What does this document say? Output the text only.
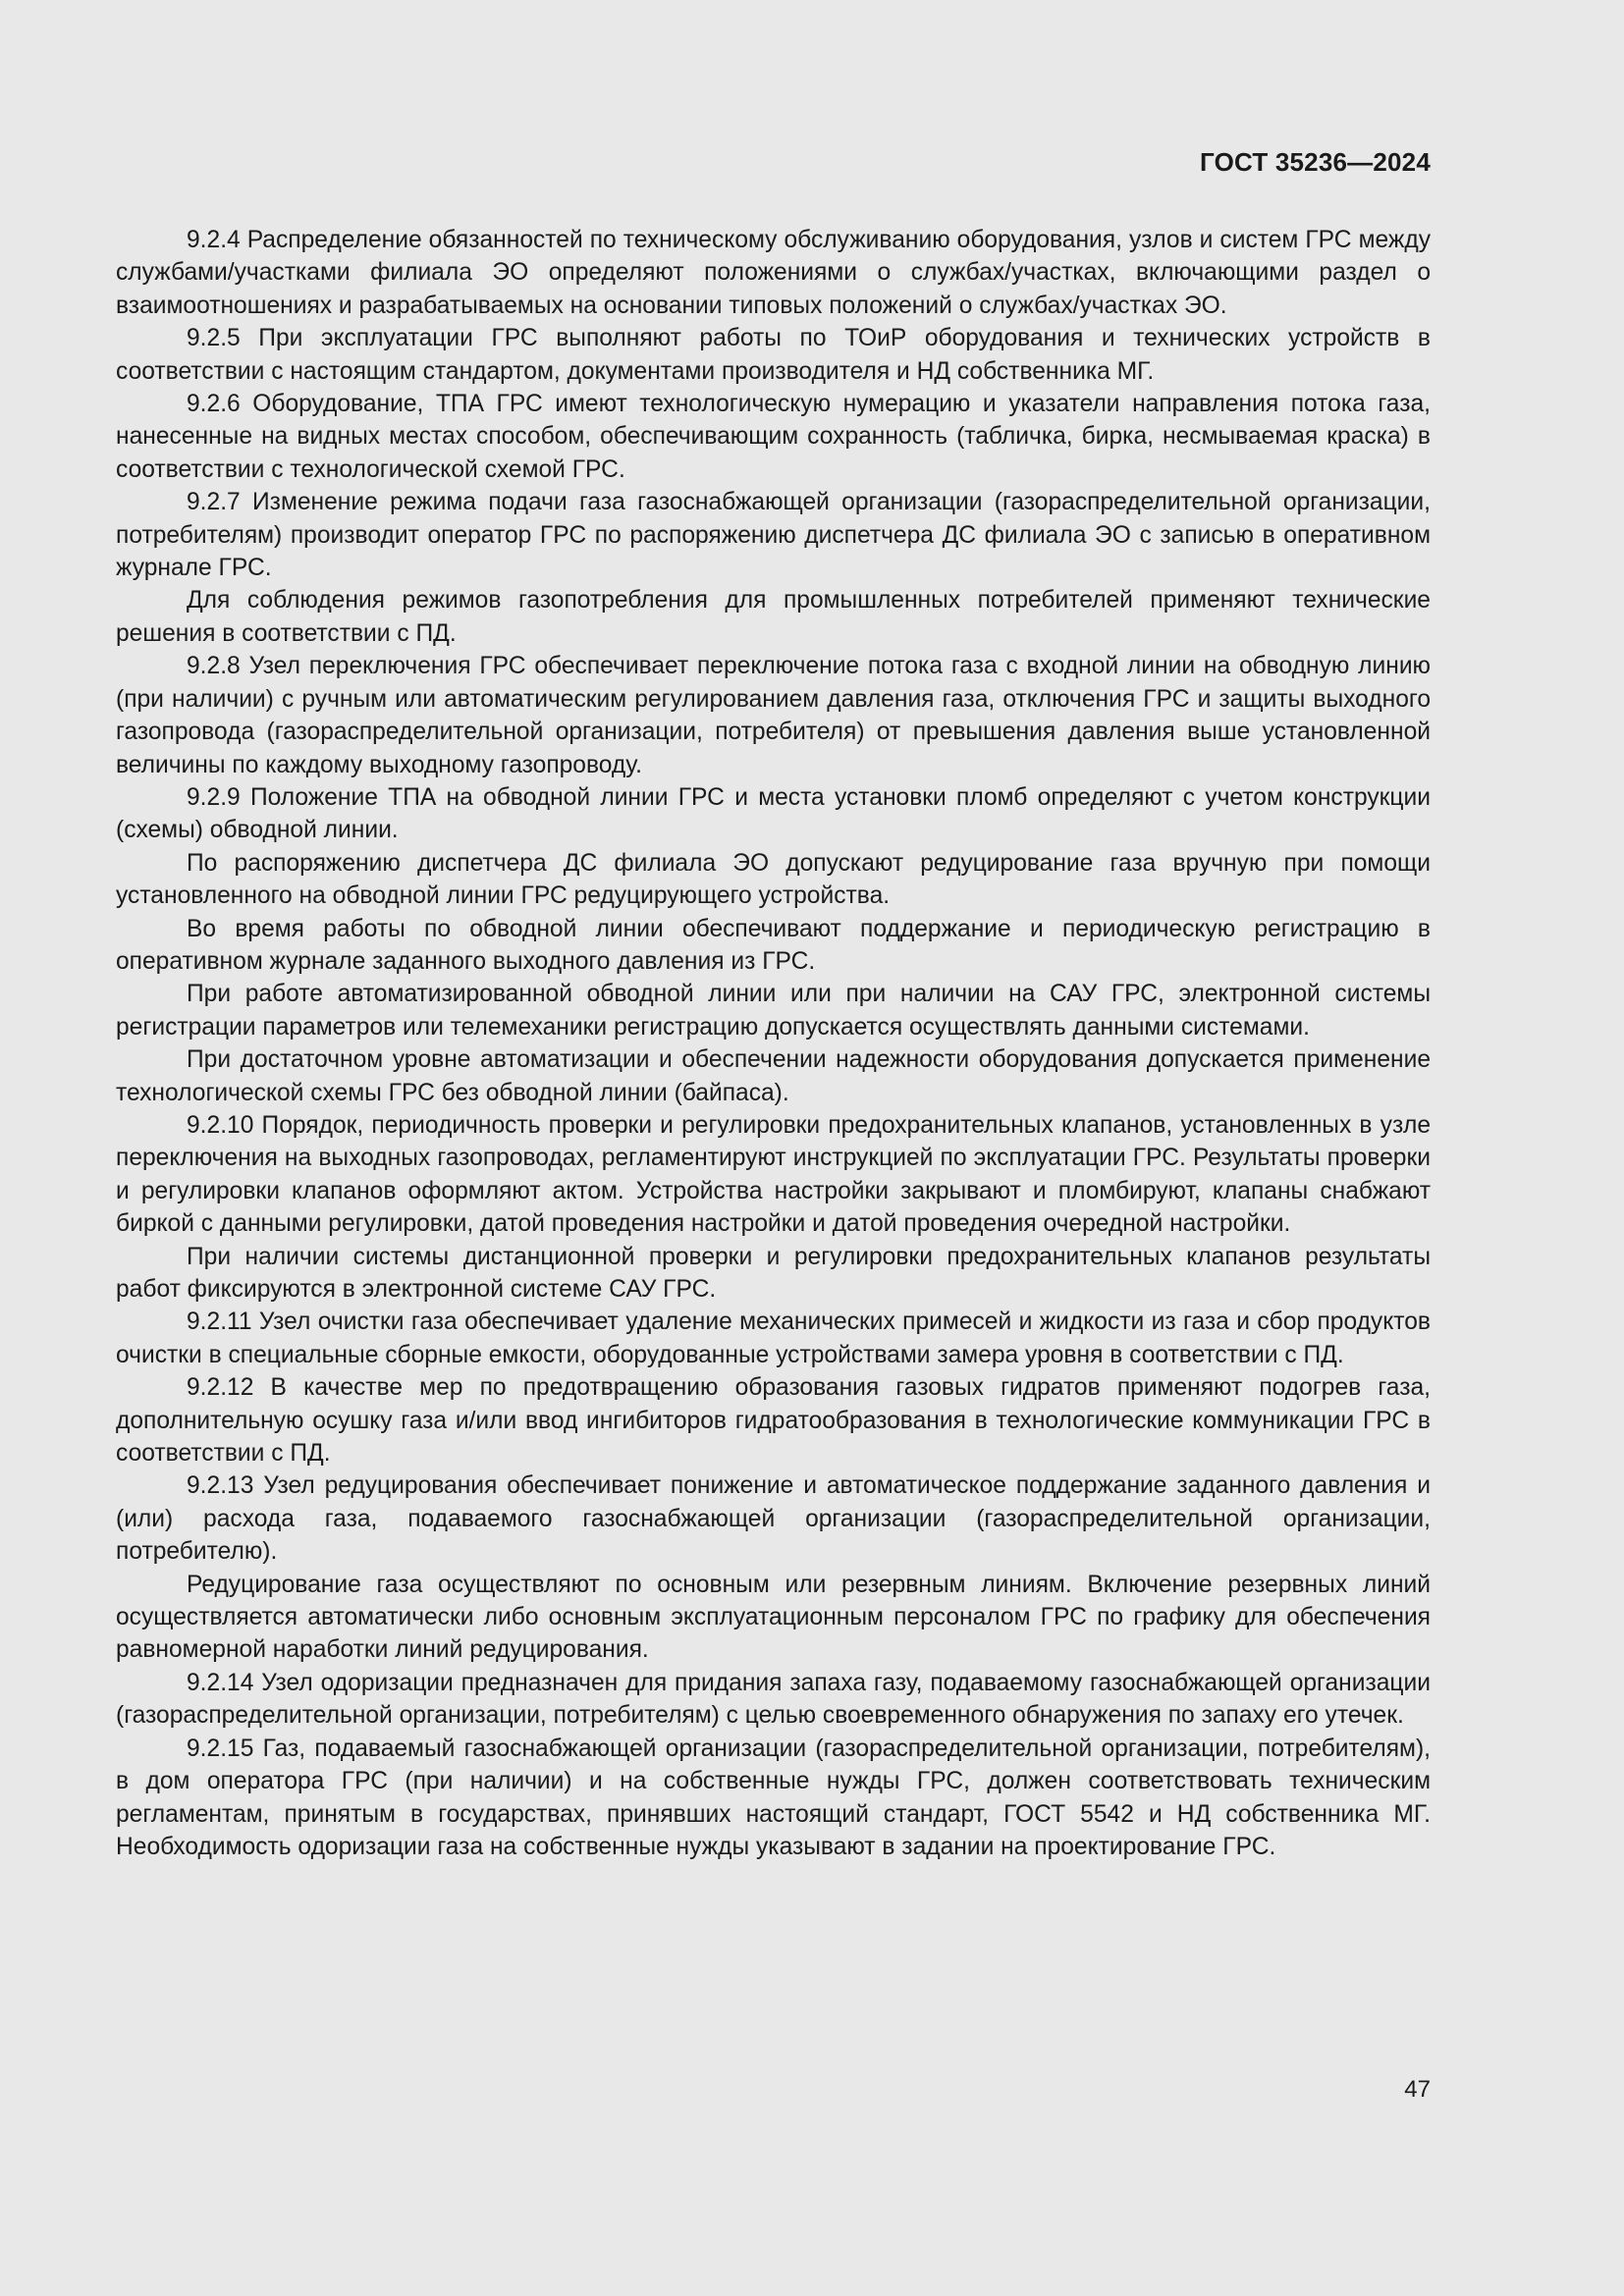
ГОСТ 35236—2024

9.2.4 Распределение обязанностей по техническому обслуживанию оборудования, узлов и систем ГРС между службами/участками филиала ЭО определяют положениями о службах/участках, включающими раздел о взаимоотношениях и разрабатываемых на основании типовых положений о службах/участках ЭО.

9.2.5 При эксплуатации ГРС выполняют работы по ТОиР оборудования и технических устройств в соответствии с настоящим стандартом, документами производителя и НД собственника МГ.

9.2.6 Оборудование, ТПА ГРС имеют технологическую нумерацию и указатели направления потока газа, нанесенные на видных местах способом, обеспечивающим сохранность (табличка, бирка, несмываемая краска) в соответствии с технологической схемой ГРС.

9.2.7 Изменение режима подачи газа газоснабжающей организации (газораспределительной организации, потребителям) производит оператор ГРС по распоряжению диспетчера ДС филиала ЭО с записью в оперативном журнале ГРС.

Для соблюдения режимов газопотребления для промышленных потребителей применяют технические решения в соответствии с ПД.

9.2.8 Узел переключения ГРС обеспечивает переключение потока газа с входной линии на обводную линию (при наличии) с ручным или автоматическим регулированием давления газа, отключения ГРС и защиты выходного газопровода (газораспределительной организации, потребителя) от превышения давления выше установленной величины по каждому выходному газопроводу.

9.2.9 Положение ТПА на обводной линии ГРС и места установки пломб определяют с учетом конструкции (схемы) обводной линии.

По распоряжению диспетчера ДС филиала ЭО допускают редуцирование газа вручную при помощи установленного на обводной линии ГРС редуцирующего устройства.

Во время работы по обводной линии обеспечивают поддержание и периодическую регистрацию в оперативном журнале заданного выходного давления из ГРС.

При работе автоматизированной обводной линии или при наличии на САУ ГРС, электронной системы регистрации параметров или телемеханики регистрацию допускается осуществлять данными системами.

При достаточном уровне автоматизации и обеспечении надежности оборудования допускается применение технологической схемы ГРС без обводной линии (байпаса).

9.2.10 Порядок, периодичность проверки и регулировки предохранительных клапанов, установленных в узле переключения на выходных газопроводах, регламентируют инструкцией по эксплуатации ГРС. Результаты проверки и регулировки клапанов оформляют актом. Устройства настройки закрывают и пломбируют, клапаны снабжают биркой с данными регулировки, датой проведения настройки и датой проведения очередной настройки.

При наличии системы дистанционной проверки и регулировки предохранительных клапанов результаты работ фиксируются в электронной системе САУ ГРС.

9.2.11 Узел очистки газа обеспечивает удаление механических примесей и жидкости из газа и сбор продуктов очистки в специальные сборные емкости, оборудованные устройствами замера уровня в соответствии с ПД.

9.2.12 В качестве мер по предотвращению образования газовых гидратов применяют подогрев газа, дополнительную осушку газа и/или ввод ингибиторов гидратообразования в технологические коммуникации ГРС в соответствии с ПД.

9.2.13 Узел редуцирования обеспечивает понижение и автоматическое поддержание заданного давления и (или) расхода газа, подаваемого газоснабжающей организации (газораспределительной организации, потребителю).

Редуцирование газа осуществляют по основным или резервным линиям. Включение резервных линий осуществляется автоматически либо основным эксплуатационным персоналом ГРС по графику для обеспечения равномерной наработки линий редуцирования.

9.2.14 Узел одоризации предназначен для придания запаха газу, подаваемому газоснабжающей организации (газораспределительной организации, потребителям) с целью своевременного обнаружения по запаху его утечек.

9.2.15 Газ, подаваемый газоснабжающей организации (газораспределительной организации, потребителям), в дом оператора ГРС (при наличии) и на собственные нужды ГРС, должен соответствовать техническим регламентам, принятым в государствах, принявших настоящий стандарт, ГОСТ 5542 и НД собственника МГ. Необходимость одоризации газа на собственные нужды указывают в задании на проектирование ГРС.

47
